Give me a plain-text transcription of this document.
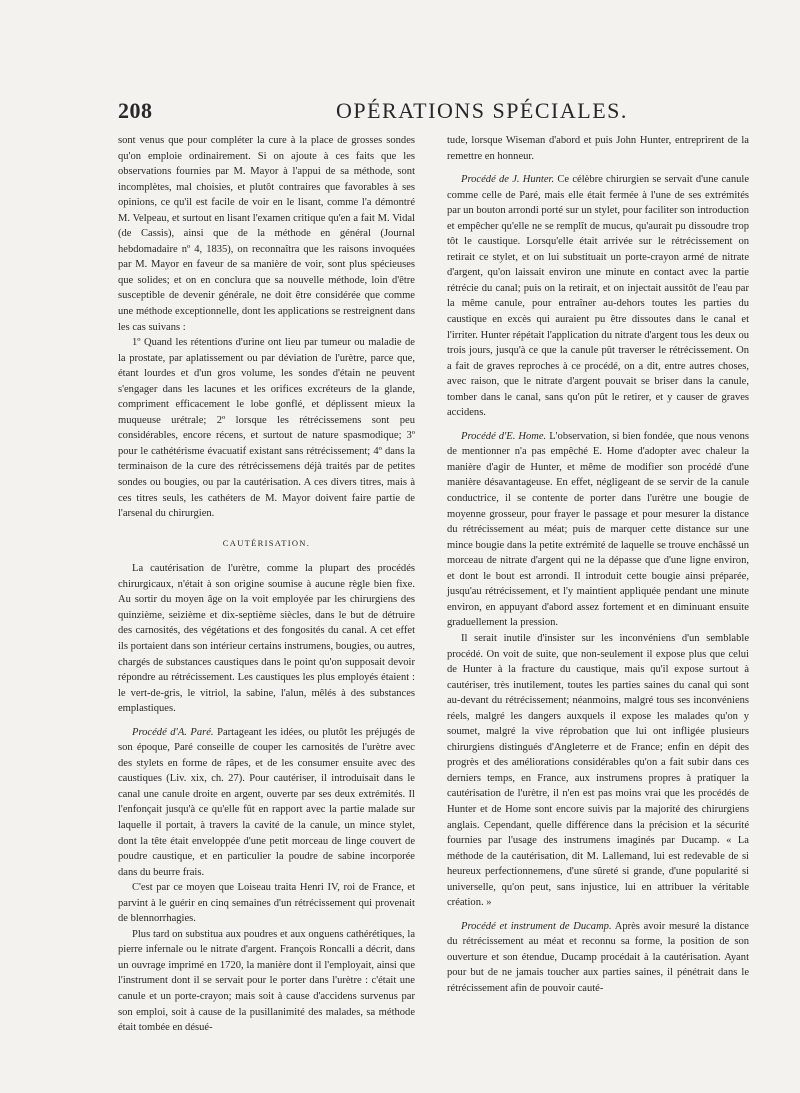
208	OPÉRATIONS SPÉCIALES.

sont venus que pour compléter la cure à la place de grosses sondes qu'on emploie ordinairement. Si on ajoute à ces faits que les observations fournies par M. Mayor à l'appui de sa méthode, sont incomplètes, mal choisies, et plutôt contraires que favorables à ses opinions, ce qu'il est facile de voir en le lisant, comme l'a démontré M. Velpeau, et surtout en lisant l'examen critique qu'en a fait M. Vidal (de Cassis), ainsi que de la méthode en général (Journal hebdomadaire nº 4, 1835), on reconnaîtra que les raisons invoquées par M. Mayor en faveur de sa manière de voir, sont plus spécieuses que solides; et on en conclura que sa nouvelle méthode, loin d'être susceptible de devenir générale, ne doit être considérée que comme une méthode exceptionnelle, dont les applications se restreignent dans les cas suivans :

1º Quand les rétentions d'urine ont lieu par tumeur ou maladie de la prostate, par aplatissement ou par déviation de l'urètre, parce que, étant lourdes et d'un gros volume, les sondes d'étain ne peuvent s'engager dans les lacunes et les orifices excréteurs de la glande, compriment efficacement le lobe gonflé, et déplissent mieux la muqueuse urétrale; 2º lorsque les rétrécissemens sont peu considérables, encore récens, et surtout de nature spasmodique; 3º pour le cathétérisme évacuatif existant sans rétrécissement; 4º dans la terminaison de la cure des rétrécissemens déjà traités par de petites sondes ou bougies, ou par la cautérisation. A ces divers titres, mais à ces titres seuls, les cathéters de M. Mayor doivent faire partie de l'arsenal du chirurgien.

CAUTÉRISATION.

La cautérisation de l'urètre, comme la plupart des procédés chirurgicaux, n'était à son origine soumise à aucune règle bien fixe. Au sortir du moyen âge on la voit employée par les chirurgiens des quinzième, seizième et dix-septième siècles, dans le but de détruire des carnosités, des végétations et des fongosités du canal. A cet effet ils portaient dans son intérieur certains instrumens, bougies, ou autres, chargés de substances caustiques dans le point qu'on supposait devoir répondre au rétrécissement. Les caustiques les plus employés étaient : le vert-de-gris, le vitriol, la sabine, l'alun, mêlés à des substances emplastiques.

Procédé d'A. Paré. Partageant les idées, ou plutôt les préjugés de son époque, Paré conseille de couper les carnosités de l'urètre avec des stylets en forme de râpes, et de les consumer ensuite avec des caustiques (Liv. xix, ch. 27). Pour cautériser, il introduisait dans le canal une canule droite en argent, ouverte par ses deux extrémités. Il l'enfonçait jusqu'à ce qu'elle fût en rapport avec la partie malade sur laquelle il portait, à travers la cavité de la canule, un mince stylet, dont la tête était enveloppée d'une petit morceau de linge couvert de poudre caustique, et en particulier la poudre de sabine incorporée dans du beurre frais.

C'est par ce moyen que Loiseau traita Henri IV, roi de France, et parvint à le guérir en cinq semaines d'un rétrécissement qui provenait de blennorrhagies.

Plus tard on substitua aux poudres et aux onguens cathérétiques, la pierre infernale ou le nitrate d'argent. François Roncalli a décrit, dans un ouvrage imprimé en 1720, la manière dont il l'employait, ainsi que l'instrument dont il se servait pour le porter dans l'urètre : c'était une canule et un porte-crayon; mais soit à cause d'accidens survenus par son emploi, soit à cause de la pusillanimité des malades, sa méthode était tombée en désué-

tude, lorsque Wiseman d'abord et puis John Hunter, entreprirent de la remettre en honneur.

Procédé de J. Hunter. Ce célèbre chirurgien se servait d'une canule comme celle de Paré, mais elle était fermée à l'une de ses extrémités par un bouton arrondi porté sur un stylet, pour faciliter son introduction et empêcher qu'elle ne se remplît de mucus, qu'aurait pu dissoudre trop tôt le caustique. Lorsqu'elle était arrivée sur le rétrécissement on retirait ce stylet, et on lui substituait un porte-crayon armé de nitrate d'argent, qu'on laissait environ une minute en contact avec la partie rétrécie du canal; puis on la retirait, et on injectait aussitôt de l'eau par la même canule, pour entraîner au-dehors toutes les parties du caustique en excès qui auraient pu être dissoutes dans le canal et l'irriter. Hunter répétait l'application du nitrate d'argent tous les deux ou trois jours, jusqu'à ce que la canule pût traverser le rétrécissement. On a fait de graves reproches à ce procédé, on a dit, entre autres choses, avec raison, que le nitrate d'argent pouvait se briser dans la canule, tomber dans le canal, sans qu'on pût le retirer, et y causer de graves accidens.

Procédé d'E. Home. L'observation, si bien fondée, que nous venons de mentionner n'a pas empêché E. Home d'adopter avec chaleur la manière d'agir de Hunter, et même de modifier son procédé d'une manière désavantageuse. En effet, négligeant de se servir de la canule conductrice, il se contente de porter dans l'urètre une bougie de moyenne grosseur, pour frayer le passage et pour mesurer la distance du rétrécissement au méat; puis de marquer cette distance sur une mince bougie dans la petite extrémité de laquelle se trouve enchâssé un morceau de nitrate d'argent qui ne la dépasse que d'une ligne environ, et dont le bout est arrondi. Il introduit cette bougie ainsi préparée, jusqu'au rétrécissement, et l'y maintient appliquée pendant une minute environ, en appuyant d'abord assez fortement et en diminuant ensuite graduellement la pression.

Il serait inutile d'insister sur les inconvéniens d'un semblable procédé. On voit de suite, que non-seulement il expose plus que celui de Hunter à la fracture du caustique, mais qu'il expose surtout à cautériser, très inutilement, toutes les parties saines du canal qui sont au-devant du rétrécissement; néanmoins, malgré tous ses inconvéniens réels, malgré les dangers auxquels il expose les malades qu'on y soumet, malgré la vive réprobation que lui ont infligée plusieurs chirurgiens distingués d'Angleterre et de France; enfin en dépit des progrès et des améliorations considérables qu'on a fait subir dans ces derniers temps, en France, aux instrumens propres à pratiquer la cautérisation de l'urètre, il n'en est pas moins vrai que les procédés de Hunter et de Home sont encore suivis par la majorité des chirurgiens anglais. Cependant, quelle différence dans la précision et la sécurité fournies par l'usage des instrumens imaginés par Ducamp. « La méthode de la cautérisation, dit M. Lallemand, lui est redevable de si heureux perfectionnemens, d'une sûreté si grande, d'une popularité si universelle, qu'on peut, sans injustice, lui en attribuer la véritable création. »

Procédé et instrument de Ducamp. Après avoir mesuré la distance du rétrécissement au méat et reconnu sa forme, la position de son ouverture et son étendue, Ducamp procédait à la cautérisation. Ayant pour but de ne jamais toucher aux parties saines, il pénétrait dans le rétrécissement afin de pouvoir cauté-
